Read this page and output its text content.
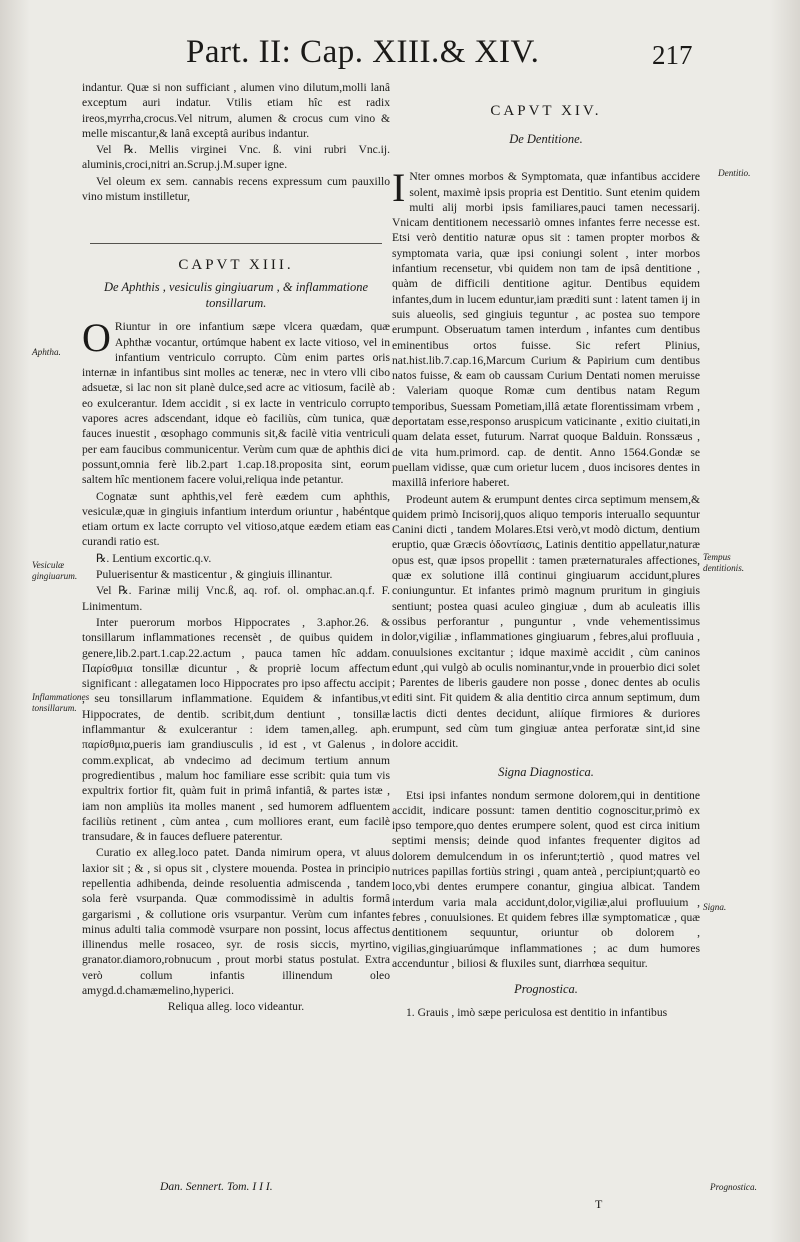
Part. II: Cap. XIII.& XIV.	217

indantur. Quæ si non sufficiant , alumen vino dilutum,molli lanâ exceptum auri indatur. Vtilis etiam hîc est radix ireos,myrrha,crocus.Vel nitrum, alumen & crocus cum vino & melle miscantur,& lanâ exceptâ auribus indantur.

Vel ℞. Mellis virginei Vnc. ß. vini rubri Vnc.ij. aluminis,croci,nitri an.Scrup.j.M.super igne.

Vel oleum ex sem. cannabis recens expressum cum pauxillo vino mistum instilletur,

CAPVT XIII.
De Aphthis , vesiculis gingiuarum , & inflammatione tonsillarum.

O Riuntur in ore infantium sæpe vlcera quædam, quæ Aphthæ vocantur, ortúmque habent ex lacte vitioso, vel in infantium ventriculo corrupto. Cùm enim partes oris internæ in infantibus sint molles ac teneræ, nec in vtero vlli cibo adsuetæ, si lac non sit planè dulce,sed acre ac vitiosum, facilè ab eo exulcerantur. Idem accidit , si ex lacte in ventriculo corrupto vapores acres adscendant, idque eò faciliùs, cùm tunica, quæ fauces inuestit , œsophago communis sit,& facilè vitia ventriculi per eam faucibus communicentur. Verùm cum quæ de aphthis dici possunt,omnia ferè lib.2.part 1.cap.18.proposita sint, eorum saltem hîc mentionem facere volui,reliqua inde petantur.

Cognatæ sunt aphthis,vel ferè eædem cum aphthis, vesiculæ,quæ in gingiuis infantium interdum oriuntur , habéntque etiam ortum ex lacte corrupto vel vitioso,atque eædem etiam eas curandi ratio est.

℞. Lentium excortic.q.v.

Puluerisentur & masticentur , & gingiuis illinantur.

Vel ℞. Farinæ milij Vnc.ß, aq. rof. ol. omphac.an.q.f. F. Linimentum.

Inter puerorum morbos Hippocrates , 3.aphor.26. & tonsillarum inflammationes recensèt , de quibus quidem in genere,lib.2.part.1.cap.22.actum , pauca tamen hîc addam. Παρίσθμια tonsillæ dicuntur , & propriè locum affectum significant : allegatamen loco Hippocrates pro ipso affectu accipit , seu tonsillarum inflammatione. Equidem & infantibus,vt Hippocrates, de dentib. scribit,dum dentiunt , tonsillæ inflammantur & exulcerantur : idem tamen,alleg. aph. παρίσθμια,pueris iam grandiusculis , id est , vt Galenus , in comm.explicat, ab vndecimo ad decimum tertium annum progredientibus , malum hoc familiare esse scribit: quia tum vis expultrix fortior fit, quàm fuit in primâ infantiâ, & partes istæ , iam non ampliùs ita molles manent , sed humorem adfluentem faciliùs retinent , cùm antea , cum molliores erant, eum facilè transudare, & in fauces defluere paterentur.

Curatio ex alleg.loco patet. Danda nimirum opera, vt aluus laxior sit ; & , si opus sit , clystere mouenda. Postea in principio repellentia adhibenda, deinde resoluentia admiscenda , tandem sola ferè vsurpanda. Quæ commodissimè in adultis formâ gargarismi , & collutione oris vsurpantur. Verùm cum infantes minus adulti talia commodè vsurpare non possint, locus affectus illinendus melle rosaceo, syr. de rosis siccis, myrtino, granator.diamoro,robnucum , prout morbi status postulat. Extra verò collum infantis illinendum oleo amygd.d.chamæmelino,hyperici.

Reliqua alleg. loco videantur.

Dan. Sennert. Tom. I I I.
Aphtha.
Vesiculæ gingiuarum.
Inflammationes tonsillarum.
Dentitio.
Tempus dentitionis.
Signa.
Prognostica.
CAPVT XIV.
De Dentitione.

I Nter omnes morbos & Symptomata, quæ infantibus accidere solent, maximè ipsis propria est Dentitio. Sunt etenim quidem multi alij morbi ipsis familiares,pauci tamen necessarij. Vnicam dentitionem necessariò omnes infantes ferre necesse est. Etsi verò dentitio naturæ opus sit : tamen propter morbos & symptomata varia, quæ ipsi coniungi solent , inter morbos infantium recensetur, vbi quidem non tam de ipsâ dentitione , quàm de difficili dentitione agitur. Dentibus equidem infantes,dum in lucem eduntur,iam præditi sunt : latent tamen ij in suis alueolis, sed gingiuis teguntur , ac postea suo tempore erumpunt. Obseruatum tamen interdum , infantes cum dentibus eminentibus ortos fuisse. Sic refert Plinius, nat.hist.lib.7.cap.16,Marcum Curium & Papirium cum dentibus natos fuisse, & eam ob caussam Curium Dentati nomen meruisse : Valeriam quoque Romæ cum dentibus natam Regum temporibus, Suessam Pometiam,illâ ætate florentissimam vrbem , deportatam esse,responso aruspicum vaticinante , exitio ciuitati,in quam delata esset, futurum. Narrat quoque Balduin. Ronssæus , de vita hum.primord. cap. de dentit. Anno 1564.Gondæ se puellam vidisse, quæ cum orietur lucem , duos incisores dentes in maxillâ inferiore haberet.

Prodeunt autem & erumpunt dentes circa septimum mensem,& quidem primò Incisorij,quos aliquo temporis interuallo sequuntur Canini dicti , tandem Molares.Etsi verò,vt modò dictum, dentium eruptio, quæ Græcis ὀδοντίασις, Latinis dentitio appellatur,naturæ opus est, quæ ipsos propellit : tamen præternaturales affectiones, quæ ex solutione illâ continui gingiuarum accidunt,plures coniunguntur. Et infantes primò magnum pruritum in gingiuis sentiunt; postea quasi aculeo gingiuæ , dum ab aculeatis illis ossibus perforantur , punguntur , vnde vehementissimus dolor,vigiliæ , inflammationes gingiuarum , febres,alui profluuia , conuulsiones excitantur ; idque maximè accidit , cùm caninos edunt ,qui vulgò ab oculis nominantur,vnde in prouerbio dici solet ; Parentes de liberis gaudere non posse , donec dentes ab oculis editi sint. Fit quidem & alia dentitio circa annum septimum, dum lactis dicti dentes decidunt, aliíque firmiores & duriores erumpunt, sed cùm tum gingiuæ antea perforatæ sint,id sine dolore accidit.

Signa Diagnostica.

Etsi ipsi infantes nondum sermone dolorem,qui in dentitione accidit, indicare possunt: tamen dentitio cognoscitur,primò ex ipso tempore,quo dentes erumpere solent, quod est circa initium septimi mensis; deinde quod infantes frequenter digitos ad dolorem demulcendum in os inferunt;tertiò , quod matres vel nutrices papillas fortiùs stringi , quam anteà , percipiunt;quartò eo loco,vbi dentes erumpere conantur, gingiua albicat. Tandem interdum varia mala accidunt,dolor,vigiliæ,alui profluuium , febres , conuulsiones. Et quidem febres illæ symptomaticæ , quæ dentitionem sequuntur, oriuntur ob dolorem , vigilias,gingiuarúmque inflammationes ; ac dum humores accenduntur , biliosi & fluxiles sunt, diarrhœa sequitur.

Prognostica.

1. Grauis , imò sæpe periculosa est dentitio in infantibus

T
